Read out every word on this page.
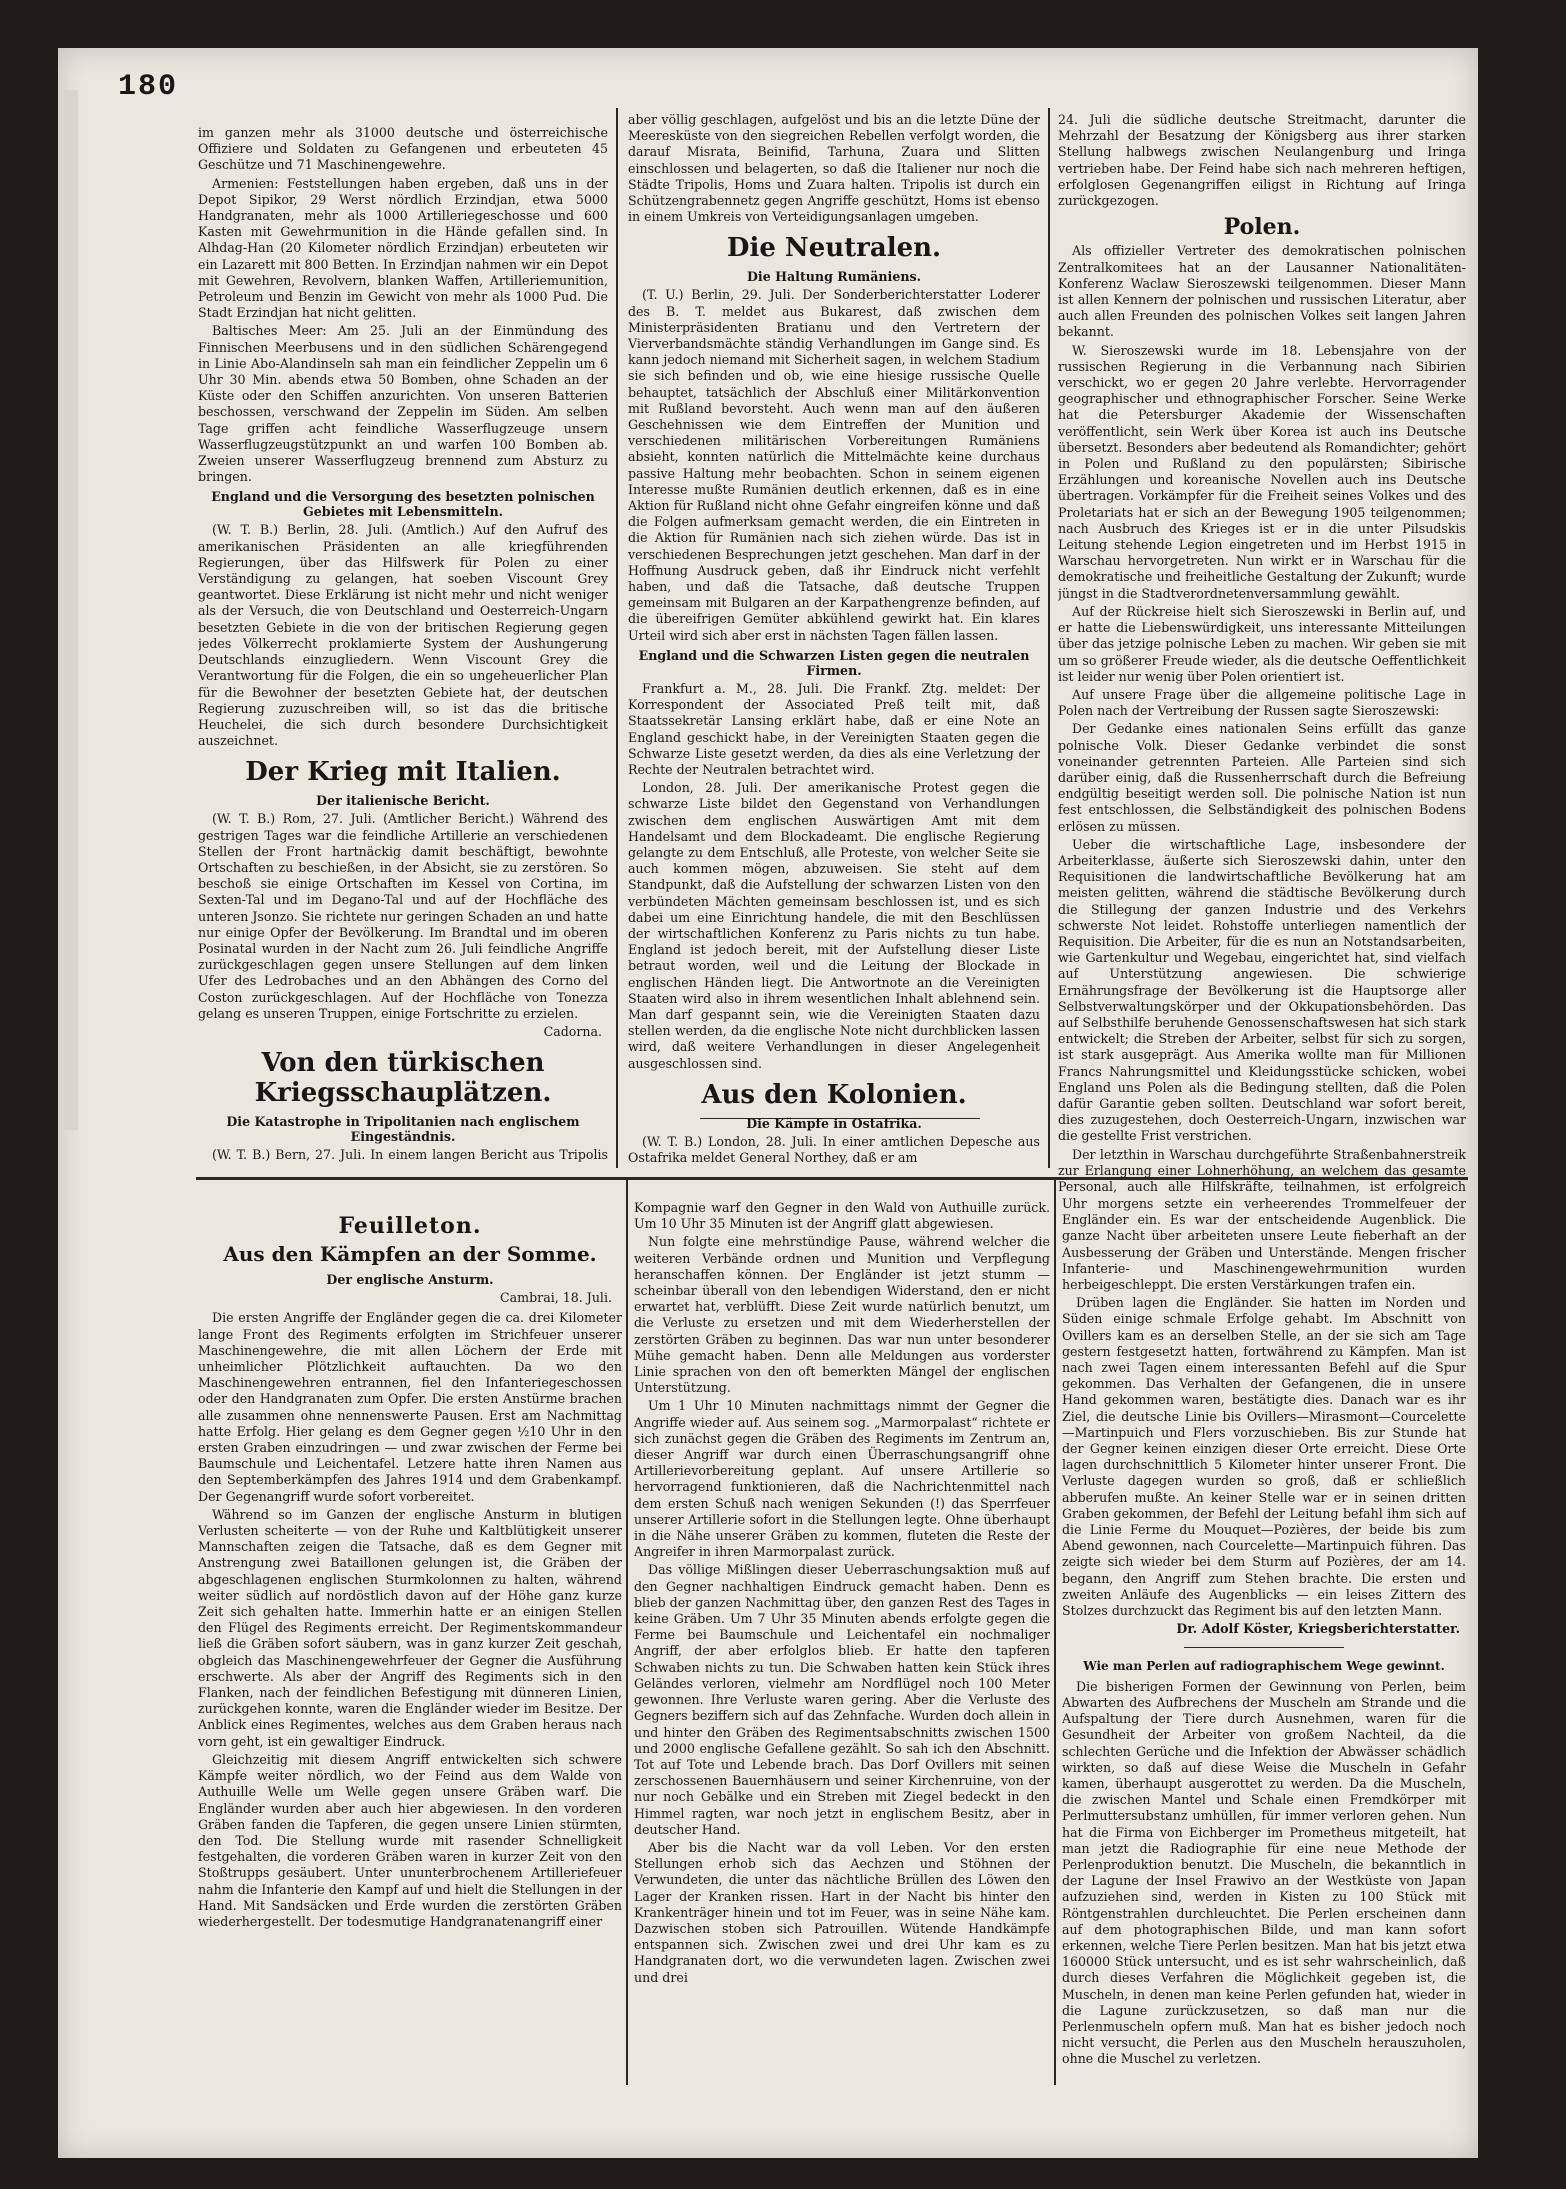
180

im ganzen mehr als 31000 deutsche und österreichische Offiziere und Soldaten zu Gefangenen und erbeuteten 45 Geschütze und 71 Maschinengewehre.

Armenien: Feststellungen haben ergeben, daß uns in der Depot Sipikor, 29 Werst nördlich Erzindjan, etwa 5000 Handgranaten, mehr als 1000 Artilleriegeschosse und 600 Kasten mit Gewehrmunition in die Hände gefallen sind. In Alhdag-Han (20 Kilometer nördlich Erzindjan) erbeuteten wir ein Lazarett mit 800 Betten. In Erzindjan nahmen wir ein Depot mit Gewehren, Revolvern, blanken Waffen, Artilleriemunition, Petroleum und Benzin im Gewicht von mehr als 1000 Pud. Die Stadt Erzindjan hat nicht gelitten.

Baltisches Meer: Am 25. Juli an der Einmündung des Finnischen Meerbusens und in den südlichen Schärengegend in Linie Abo-Alandinseln sah man ein feindlicher Zeppelin um 6 Uhr 30 Min. abends etwa 50 Bomben, ohne Schaden an der Küste oder den Schiffen anzurichten. Von unseren Batterien beschossen, verschwand der Zeppelin im Süden. Am selben Tage griffen acht feindliche Wasserflugzeuge unsern Wasserflugzeugstützpunkt an und warfen 100 Bomben ab. Zweien unserer Wasserflugzeug brennend zum Absturz zu bringen.

England und die Versorgung des besetzten polnischen Gebietes mit Lebensmitteln.

(W. T. B.) Berlin, 28. Juli. (Amtlich.) Auf den Aufruf des amerikanischen Präsidenten an alle kriegführenden Regierungen, über das Hilfswerk für Polen zu einer Verständigung zu gelangen, hat soeben Viscount Grey geantwortet. Diese Erklärung ist nicht mehr und nicht weniger als der Versuch, die von Deutschland und Oesterreich-Ungarn besetzten Gebiete in die von der britischen Regierung gegen jedes Völkerrecht proklamierte System der Aushungerung Deutschlands einzugliedern. Wenn Viscount Grey die Verantwortung für die Folgen, die ein so ungeheuerlicher Plan für die Bewohner der besetzten Gebiete hat, der deutschen Regierung zuzuschreiben will, so ist das die britische Heuchelei, die sich durch besondere Durchsichtigkeit auszeichnet.

Der Krieg mit Italien.
Der italienische Bericht.

(W. T. B.) Rom, 27. Juli. (Amtlicher Bericht.) Während des gestrigen Tages war die feindliche Artillerie an verschiedenen Stellen der Front hartnäckig damit beschäftigt, bewohnte Ortschaften zu beschießen, in der Absicht, sie zu zerstören. So beschoß sie einige Ortschaften im Kessel von Cortina, im Sexten-Tal und im Degano-Tal und auf der Hochfläche des unteren Jsonzo. Sie richtete nur geringen Schaden an und hatte nur einige Opfer der Bevölkerung. Im Brandtal und im oberen Posinatal wurden in der Nacht zum 26. Juli feindliche Angriffe zurückgeschlagen gegen unsere Stellungen auf dem linken Ufer des Ledrobaches und an den Abhängen des Corno del Coston zurückgeschlagen. Auf der Hochfläche von Tonezza gelang es unseren Truppen, einige Fortschritte zu erzielen.

Cadorna.
Von den türkischen Kriegsschauplätzen.
Die Katastrophe in Tripolitanien nach englischem Eingeständnis.

(W. T. B.) Bern, 27. Juli. In einem langen Bericht aus Tripolis

aber völlig geschlagen, aufgelöst und bis an die letzte Düne der Meeresküste von den siegreichen Rebellen verfolgt worden, die darauf Misrata, Beinifid, Tarhuna, Zuara und Slitten einschlossen und belagerten, so daß die Italiener nur noch die Städte Tripolis, Homs und Zuara halten. Tripolis ist durch ein Schützengrabennetz gegen Angriffe geschützt, Homs ist ebenso in einem Umkreis von Verteidigungsanlagen umgeben.

Die Neutralen.
Die Haltung Rumäniens.

(T. U.) Berlin, 29. Juli. Der Sonderberichterstatter Loderer des B. T. meldet aus Bukarest, daß zwischen dem Ministerpräsidenten Bratianu und den Vertretern der Vierverbandsmächte ständig Verhandlungen im Gange sind. Es kann jedoch niemand mit Sicherheit sagen, in welchem Stadium sie sich befinden und ob, wie eine hiesige russische Quelle behauptet, tatsächlich der Abschluß einer Militärkonvention mit Rußland bevorsteht. Auch wenn man auf den äußeren Geschehnissen wie dem Eintreffen der Munition und verschiedenen militärischen Vorbereitungen Rumäniens absieht, konnten natürlich die Mittelmächte keine durchaus passive Haltung mehr beobachten. Schon in seinem eigenen Interesse mußte Rumänien deutlich erkennen, daß es in eine Aktion für Rußland nicht ohne Gefahr eingreifen könne und daß die Folgen aufmerksam gemacht werden, die ein Eintreten in die Aktion für Rumänien nach sich ziehen würde. Das ist in verschiedenen Besprechungen jetzt geschehen. Man darf in der Hoffnung Ausdruck geben, daß ihr Eindruck nicht verfehlt haben, und daß die Tatsache, daß deutsche Truppen gemeinsam mit Bulgaren an der Karpathengrenze befinden, auf die übereifrigen Gemüter abkühlend gewirkt hat. Ein klares Urteil wird sich aber erst in nächsten Tagen fällen lassen.

England und die Schwarzen Listen gegen die neutralen Firmen.

Frankfurt a. M., 28. Juli. Die Frankf. Ztg. meldet: Der Korrespondent der Associated Preß teilt mit, daß Staatssekretär Lansing erklärt habe, daß er eine Note an England geschickt habe, in der Vereinigten Staaten gegen die Schwarze Liste gesetzt werden, da dies als eine Verletzung der Rechte der Neutralen betrachtet wird.

London, 28. Juli. Der amerikanische Protest gegen die schwarze Liste bildet den Gegenstand von Verhandlungen zwischen dem englischen Auswärtigen Amt mit dem Handelsamt und dem Blockadeamt. Die englische Regierung gelangte zu dem Entschluß, alle Proteste, von welcher Seite sie auch kommen mögen, abzuweisen. Sie steht auf dem Standpunkt, daß die Aufstellung der schwarzen Listen von den verbündeten Mächten gemeinsam beschlossen ist, und es sich dabei um eine Einrichtung handele, die mit den Beschlüssen der wirtschaftlichen Konferenz zu Paris nichts zu tun habe. England ist jedoch bereit, mit der Aufstellung dieser Liste betraut worden, weil und die Leitung der Blockade in englischen Händen liegt. Die Antwortnote an die Vereinigten Staaten wird also in ihrem wesentlichen Inhalt ablehnend sein. Man darf gespannt sein, wie die Vereinigten Staaten dazu stellen werden, da die englische Note nicht durchblicken lassen wird, daß weitere Verhandlungen in dieser Angelegenheit ausgeschlossen sind.

Aus den Kolonien.
Die Kämpfe in Ostafrika.

(W. T. B.) London, 28. Juli. In einer amtlichen Depesche aus Ostafrika meldet General Northey, daß er am

24. Juli die südliche deutsche Streitmacht, darunter die Mehrzahl der Besatzung der Königsberg aus ihrer starken Stellung halbwegs zwischen Neulangenburg und Iringa vertrieben habe. Der Feind habe sich nach mehreren heftigen, erfolglosen Gegenangriffen eiligst in Richtung auf Iringa zurückgezogen.

Polen.

Als offizieller Vertreter des demokratischen polnischen Zentralkomitees hat an der Lausanner Nationalitäten-Konferenz Waclaw Sieroszewski teilgenommen. Dieser Mann ist allen Kennern der polnischen und russischen Literatur, aber auch allen Freunden des polnischen Volkes seit langen Jahren bekannt.

W. Sieroszewski wurde im 18. Lebensjahre von der russischen Regierung in die Verbannung nach Sibirien verschickt, wo er gegen 20 Jahre verlebte. Hervorragender geographischer und ethnographischer Forscher. Seine Werke hat die Petersburger Akademie der Wissenschaften veröffentlicht, sein Werk über Korea ist auch ins Deutsche übersetzt. Besonders aber bedeutend als Romandichter; gehört in Polen und Rußland zu den populärsten; Sibirische Erzählungen und koreanische Novellen auch ins Deutsche übertragen. Vorkämpfer für die Freiheit seines Volkes und des Proletariats hat er sich an der Bewegung 1905 teilgenommen; nach Ausbruch des Krieges ist er in die unter Pilsudskis Leitung stehende Legion eingetreten und im Herbst 1915 in Warschau hervorgetreten. Nun wirkt er in Warschau für die demokratische und freiheitliche Gestaltung der Zukunft; wurde jüngst in die Stadtverordnetenversammlung gewählt.

Auf der Rückreise hielt sich Sieroszewski in Berlin auf, und er hatte die Liebenswürdigkeit, uns interessante Mitteilungen über das jetzige polnische Leben zu machen. Wir geben sie mit um so größerer Freude wieder, als die deutsche Oeffentlichkeit ist leider nur wenig über Polen orientiert ist.

Auf unsere Frage über die allgemeine politische Lage in Polen nach der Vertreibung der Russen sagte Sieroszewski:

Der Gedanke eines nationalen Seins erfüllt das ganze polnische Volk. Dieser Gedanke verbindet die sonst voneinander getrennten Parteien. Alle Parteien sind sich darüber einig, daß die Russenherrschaft durch die Befreiung endgültig beseitigt werden soll. Die polnische Nation ist nun fest entschlossen, die Selbständigkeit des polnischen Bodens erlösen zu müssen.

Ueber die wirtschaftliche Lage, insbesondere der Arbeiterklasse, äußerte sich Sieroszewski dahin, unter den Requisitionen die landwirtschaftliche Bevölkerung hat am meisten gelitten, während die städtische Bevölkerung durch die Stillegung der ganzen Industrie und des Verkehrs schwerste Not leidet. Rohstoffe unterliegen namentlich der Requisition. Die Arbeiter, für die es nun an Notstandsarbeiten, wie Gartenkultur und Wegebau, eingerichtet hat, sind vielfach auf Unterstützung angewiesen. Die schwierige Ernährungsfrage der Bevölkerung ist die Hauptsorge aller Selbstverwaltungskörper und der Okkupationsbehörden. Das auf Selbsthilfe beruhende Genossenschaftswesen hat sich stark entwickelt; die Streben der Arbeiter, selbst für sich zu sorgen, ist stark ausgeprägt. Aus Amerika wollte man für Millionen Francs Nahrungsmittel und Kleidungsstücke schicken, wobei England uns Polen als die Bedingung stellten, daß die Polen dafür Garantie geben sollten. Deutschland war sofort bereit, dies zuzugestehen, doch Oesterreich-Ungarn, inzwischen war die gestellte Frist verstrichen.

Der letzthin in Warschau durchgeführte Straßenbahnerstreik zur Erlangung einer Lohnerhöhung, an welchem das gesamte Personal, auch alle Hilfskräfte, teilnahmen, ist erfolgreich

Feuilleton.
Aus den Kämpfen an der Somme.
Der englische Ansturm.
Cambrai, 18. Juli.

Die ersten Angriffe der Engländer gegen die ca. drei Kilometer lange Front des Regiments erfolgten im Strichfeuer unserer Maschinengewehre, die mit allen Löchern der Erde mit unheimlicher Plötzlichkeit auftauchten. Da wo den Maschinengewehren entrannen, fiel den Infanteriegeschossen oder den Handgranaten zum Opfer. Die ersten Anstürme brachen alle zusammen ohne nennenswerte Pausen. Erst am Nachmittag hatte Erfolg. Hier gelang es dem Gegner gegen ½10 Uhr in den ersten Graben einzudringen — und zwar zwischen der Ferme bei Baumschule und Leichentafel. Letzere hatte ihren Namen aus den Septemberkämpfen des Jahres 1914 und dem Grabenkampf. Der Gegenangriff wurde sofort vorbereitet.

Während so im Ganzen der englische Ansturm in blutigen Verlusten scheiterte — von der Ruhe und Kaltblütigkeit unserer Mannschaften zeigen die Tatsache, daß es dem Gegner mit Anstrengung zwei Bataillonen gelungen ist, die Gräben der abgeschlagenen englischen Sturmkolonnen zu halten, während weiter südlich auf nordöstlich davon auf der Höhe ganz kurze Zeit sich gehalten hatte. Immerhin hatte er an einigen Stellen den Flügel des Regiments erreicht. Der Regimentskommandeur ließ die Gräben sofort säubern, was in ganz kurzer Zeit geschah, obgleich das Maschinengewehrfeuer der Gegner die Ausführung erschwerte. Als aber der Angriff des Regiments sich in den Flanken, nach der feindlichen Befestigung mit dünneren Linien, zurückgehen konnte, waren die Engländer wieder im Besitze. Der Anblick eines Regimentes, welches aus dem Graben heraus nach vorn geht, ist ein gewaltiger Eindruck.

Gleichzeitig mit diesem Angriff entwickelten sich schwere Kämpfe weiter nördlich, wo der Feind aus dem Walde von Authuille Welle um Welle gegen unsere Gräben warf. Die Engländer wurden aber auch hier abgewiesen. In den vorderen Gräben fanden die Tapferen, die gegen unsere Linien stürmten, den Tod. Die Stellung wurde mit rasender Schnelligkeit festgehalten, die vorderen Gräben waren in kurzer Zeit von den Stoßtrupps gesäubert. Unter ununterbrochenem Artilleriefeuer nahm die Infanterie den Kampf auf und hielt die Stellungen in der Hand. Mit Sandsäcken und Erde wurden die zerstörten Gräben wiederhergestellt. Der todesmutige Handgranatenangriff einer

Kompagnie warf den Gegner in den Wald von Authuille zurück. Um 10 Uhr 35 Minuten ist der Angriff glatt abgewiesen.

Nun folgte eine mehrstündige Pause, während welcher die weiteren Verbände ordnen und Munition und Verpflegung heranschaffen können. Der Engländer ist jetzt stumm — scheinbar überall von den lebendigen Widerstand, den er nicht erwartet hat, verblüfft. Diese Zeit wurde natürlich benutzt, um die Verluste zu ersetzen und mit dem Wiederherstellen der zerstörten Gräben zu beginnen. Das war nun unter besonderer Mühe gemacht haben. Denn alle Meldungen aus vorderster Linie sprachen von den oft bemerkten Mängel der englischen Unterstützung.

Um 1 Uhr 10 Minuten nachmittags nimmt der Gegner die Angriffe wieder auf. Aus seinem sog. „Marmorpalast“ richtete er sich zunächst gegen die Gräben des Regiments im Zentrum an, dieser Angriff war durch einen Überraschungsangriff ohne Artillerievorbereitung geplant. Auf unsere Artillerie so hervorragend funktionieren, daß die Nachrichtenmittel nach dem ersten Schuß nach wenigen Sekunden (!) das Sperrfeuer unserer Artillerie sofort in die Stellungen legte. Ohne überhaupt in die Nähe unserer Gräben zu kommen, fluteten die Reste der Angreifer in ihren Marmorpalast zurück.

Das völlige Mißlingen dieser Ueberraschungsaktion muß auf den Gegner nachhaltigen Eindruck gemacht haben. Denn es blieb der ganzen Nachmittag über, den ganzen Rest des Tages in keine Gräben. Um 7 Uhr 35 Minuten abends erfolgte gegen die Ferme bei Baumschule und Leichentafel ein nochmaliger Angriff, der aber erfolglos blieb. Er hatte den tapferen Schwaben nichts zu tun. Die Schwaben hatten kein Stück ihres Geländes verloren, vielmehr am Nordflügel noch 100 Meter gewonnen. Ihre Verluste waren gering. Aber die Verluste des Gegners beziffern sich auf das Zehnfache. Wurden doch allein in und hinter den Gräben des Regimentsabschnitts zwischen 1500 und 2000 englische Gefallene gezählt. So sah ich den Abschnitt. Tot auf Tote und Lebende brach. Das Dorf Ovillers mit seinen zerschossenen Bauernhäusern und seiner Kirchenruine, von der nur noch Gebälke und ein Streben mit Ziegel bedeckt in den Himmel ragten, war noch jetzt in englischem Besitz, aber in deutscher Hand.

Aber bis die Nacht war da voll Leben. Vor den ersten Stellungen erhob sich das Aechzen und Stöhnen der Verwundeten, die unter das nächtliche Brüllen des Löwen den Lager der Kranken rissen. Hart in der Nacht bis hinter den Krankenträger hinein und tot im Feuer, was in seine Nähe kam. Dazwischen stoben sich Patrouillen. Wütende Handkämpfe entspannen sich. Zwischen zwei und drei Uhr kam es zu Handgranaten dort, wo die verwundeten lagen. Zwischen zwei und drei

Uhr morgens setzte ein verheerendes Trommelfeuer der Engländer ein. Es war der entscheidende Augenblick. Die ganze Nacht über arbeiteten unsere Leute fieberhaft an der Ausbesserung der Gräben und Unterstände. Mengen frischer Infanterie- und Maschinengewehrmunition wurden herbeigeschleppt. Die ersten Verstärkungen trafen ein.

Drüben lagen die Engländer. Sie hatten im Norden und Süden einige schmale Erfolge gehabt. Im Abschnitt von Ovillers kam es an derselben Stelle, an der sie sich am Tage gestern festgesetzt hatten, fortwährend zu Kämpfen. Man ist nach zwei Tagen einem interessanten Befehl auf die Spur gekommen. Das Verhalten der Gefangenen, die in unsere Hand gekommen waren, bestätigte dies. Danach war es ihr Ziel, die deutsche Linie bis Ovillers—Mirasmont—Courcelette—Martinpuich und Flers vorzuschieben. Bis zur Stunde hat der Gegner keinen einzigen dieser Orte erreicht. Diese Orte lagen durchschnittlich 5 Kilometer hinter unserer Front. Die Verluste dagegen wurden so groß, daß er schließlich abberufen mußte. An keiner Stelle war er in seinen dritten Graben gekommen, der Befehl der Leitung befahl ihm sich auf die Linie Ferme du Mouquet—Pozières, der beide bis zum Abend gewonnen, nach Courcelette—Martinpuich führen. Das zeigte sich wieder bei dem Sturm auf Pozières, der am 14. begann, den Angriff zum Stehen brachte. Die ersten und zweiten Anläufe des Augenblicks — ein leises Zittern des Stolzes durchzuckt das Regiment bis auf den letzten Mann.

Dr. Adolf Köster, Kriegsberichterstatter.
Wie man Perlen auf radiographischem Wege gewinnt.

Die bisherigen Formen der Gewinnung von Perlen, beim Abwarten des Aufbrechens der Muscheln am Strande und die Aufspaltung der Tiere durch Ausnehmen, waren für die Gesundheit der Arbeiter von großem Nachteil, da die schlechten Gerüche und die Infektion der Abwässer schädlich wirkten, so daß auf diese Weise die Muscheln in Gefahr kamen, überhaupt ausgerottet zu werden. Da die Muscheln, die zwischen Mantel und Schale einen Fremdkörper mit Perlmuttersubstanz umhüllen, für immer verloren gehen. Nun hat die Firma von Eichberger im Prometheus mitgeteilt, hat man jetzt die Radiographie für eine neue Methode der Perlenproduktion benutzt. Die Muscheln, die bekanntlich in der Lagune der Insel Frawivo an der Westküste von Japan aufzuziehen sind, werden in Kisten zu 100 Stück mit Röntgenstrahlen durchleuchtet. Die Perlen erscheinen dann auf dem photographischen Bilde, und man kann sofort erkennen, welche Tiere Perlen besitzen. Man hat bis jetzt etwa 160000 Stück untersucht, und es ist sehr wahrscheinlich, daß durch dieses Verfahren die Möglichkeit gegeben ist, die Muscheln, in denen man keine Perlen gefunden hat, wieder in die Lagune zurückzusetzen, so daß man nur die Perlenmuscheln opfern muß. Man hat es bisher jedoch noch nicht versucht, die Perlen aus den Muscheln herauszuholen, ohne die Muschel zu verletzen.
